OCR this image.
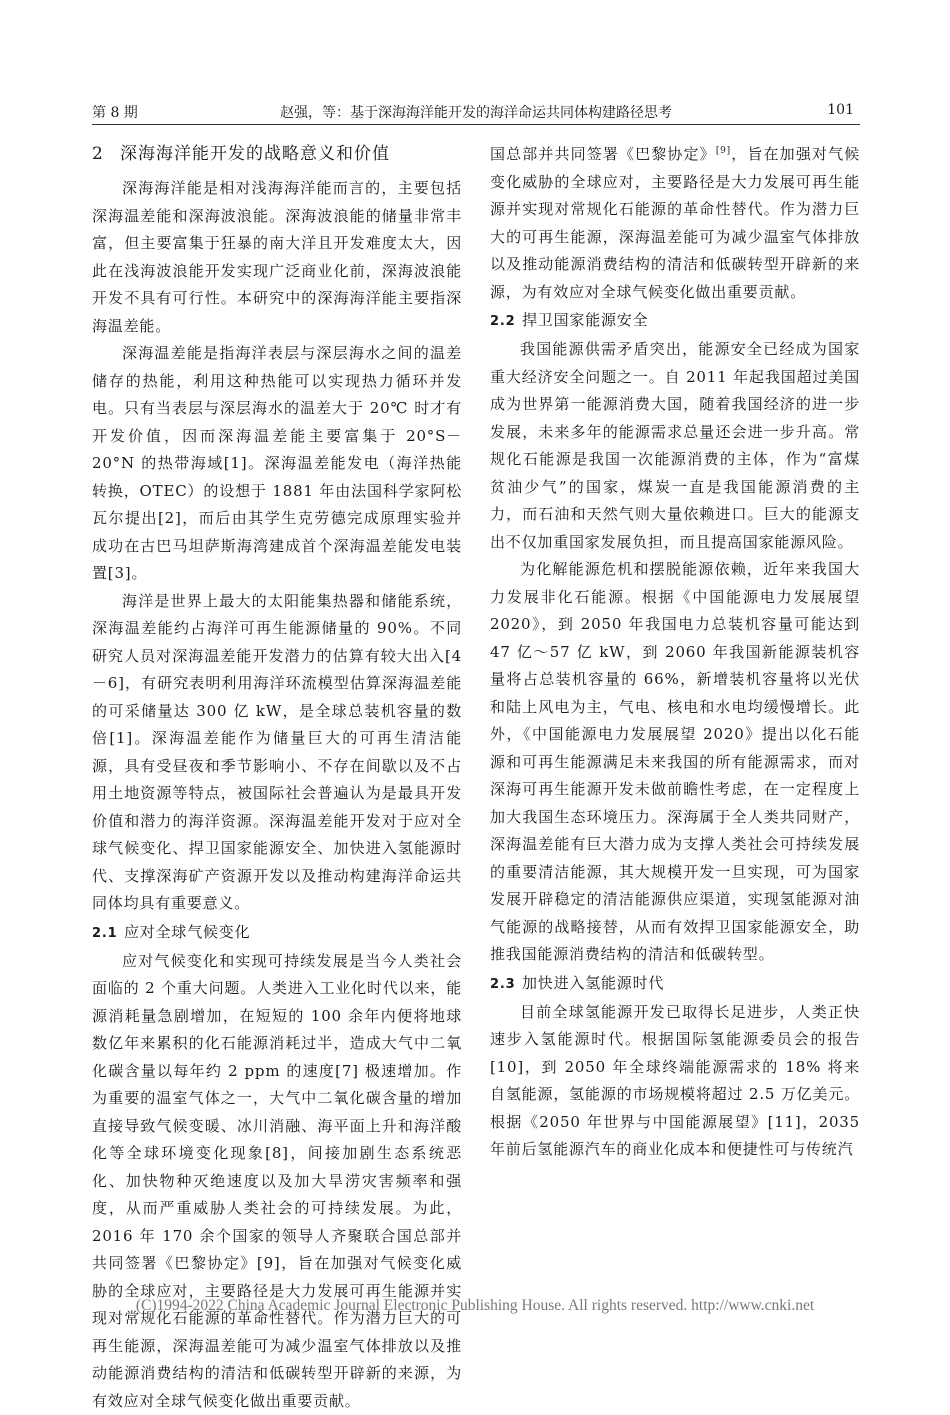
第 8 期	赵强，等：基于深海海洋能开发的海洋命运共同体构建路径思考	101
2 深海海洋能开发的战略意义和价值

深海海洋能是相对浅海海洋能而言的，主要包括深海温差能和深海波浪能。深海波浪能的储量非常丰富，但主要富集于狂暴的南大洋且开发难度太大，因此在浅海波浪能开发实现广泛商业化前，深海波浪能开发不具有可行性。本研究中的深海海洋能主要指深海温差能。

深海温差能是指海洋表层与深层海水之间的温差储存的热能，利用这种热能可以实现热力循环并发电。只有当表层与深层海水的温差大于 20℃ 时才有开发价值，因而深海温差能主要富集于 20°S－20°N 的热带海域[1]。深海温差能发电（海洋热能转换，OTEC）的设想于 1881 年由法国科学家阿松瓦尔提出[2]，而后由其学生克劳德完成原理实验并成功在古巴马坦萨斯海湾建成首个深海温差能发电装置[3]。

海洋是世界上最大的太阳能集热器和储能系统，深海温差能约占海洋可再生能源储量的 90%。不同研究人员对深海温差能开发潜力的估算有较大出入[4－6]，有研究表明利用海洋环流模型估算深海温差能的可采储量达 300 亿 kW，是全球总装机容量的数倍[1]。深海温差能作为储量巨大的可再生清洁能源，具有受昼夜和季节影响小、不存在间歇以及不占用土地资源等特点，被国际社会普遍认为是最具开发价值和潜力的海洋资源。深海温差能开发对于应对全球气候变化、捍卫国家能源安全、加快进入氢能源时代、支撑深海矿产资源开发以及推动构建海洋命运共同体均具有重要意义。

2.1 应对全球气候变化

应对气候变化和实现可持续发展是当今人类社会面临的 2 个重大问题。人类进入工业化时代以来，能源消耗量急剧增加，在短短的 100 余年内便将地球数亿年来累积的化石能源消耗过半，造成大气中二氧化碳含量以每年约 2 ppm 的速度[7] 极速增加。作为重要的温室气体之一，大气中二氧化碳含量的增加直接导致气候变暖、冰川消融、海平面上升和海洋酸化等全球环境变化现象[8]，间接加剧生态系统恶化、加快物种灭绝速度以及加大旱涝灾害频率和强度，从而严重威胁人类社会的可持续发展。为此，2016 年 170 余个国家的领导人齐聚联合国总部并共同签署《巴黎协定》[9]，旨在加强对气候变化威胁的全球应对，主要路径是大力发展可再生能源并实现对常规化石能源的革命性替代。作为潜力巨大的可再生能源，深海温差能可为减少温室气体排放以及推动能源消费结构的清洁和低碳转型开辟新的来源，为有效应对全球气候变化做出重要贡献。

国总部并共同签署《巴黎协定》[9]，旨在加强对气候变化威胁的全球应对，主要路径是大力发展可再生能源并实现对常规化石能源的革命性替代。作为潜力巨大的可再生能源，深海温差能可为减少温室气体排放以及推动能源消费结构的清洁和低碳转型开辟新的来源，为有效应对全球气候变化做出重要贡献。

2.2 捍卫国家能源安全

我国能源供需矛盾突出，能源安全已经成为国家重大经济安全问题之一。自 2011 年起我国超过美国成为世界第一能源消费大国，随着我国经济的进一步发展，未来多年的能源需求总量还会进一步升高。常规化石能源是我国一次能源消费的主体，作为“富煤贫油少气”的国家，煤炭一直是我国能源消费的主力，而石油和天然气则大量依赖进口。巨大的能源支出不仅加重国家发展负担，而且提高国家能源风险。

为化解能源危机和摆脱能源依赖，近年来我国大力发展非化石能源。根据《中国能源电力发展展望 2020》，到 2050 年我国电力总装机容量可能达到 47 亿～57 亿 kW，到 2060 年我国新能源装机容量将占总装机容量的 66%，新增装机容量将以光伏和陆上风电为主，气电、核电和水电均缓慢增长。此外，《中国能源电力发展展望 2020》提出以化石能源和可再生能源满足未来我国的所有能源需求，而对深海可再生能源开发未做前瞻性考虑，在一定程度上加大我国生态环境压力。深海属于全人类共同财产，深海温差能有巨大潜力成为支撑人类社会可持续发展的重要清洁能源，其大规模开发一旦实现，可为国家发展开辟稳定的清洁能源供应渠道，实现氢能源对油气能源的战略接替，从而有效捍卫国家能源安全，助推我国能源消费结构的清洁和低碳转型。

2.3 加快进入氢能源时代

目前全球氢能源开发已取得长足进步，人类正快速步入氢能源时代。根据国际氢能源委员会的报告[10]，到 2050 年全球终端能源需求的 18% 将来自氢能源，氢能源的市场规模将超过 2.5 万亿美元。根据《2050 年世界与中国能源展望》[11]，2035 年前后氢能源汽车的商业化成本和便捷性可与传统汽

(C)1994-2022 China Academic Journal Electronic Publishing House. All rights reserved. http://www.cnki.net
